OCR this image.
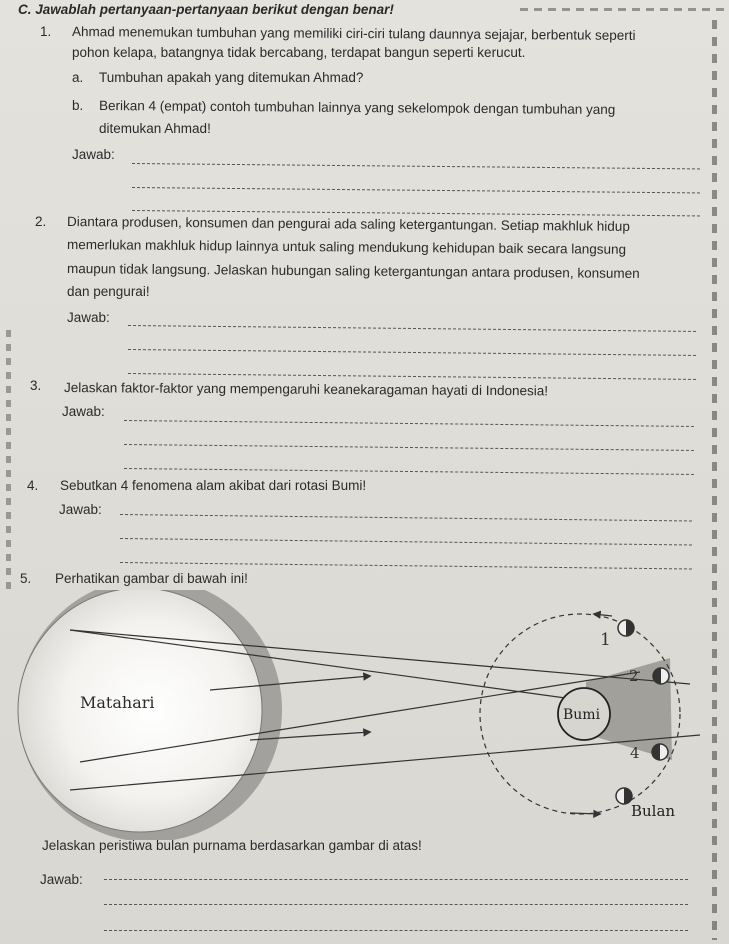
C. Jawablah pertanyaan-pertanyaan berikut dengan benar!
1. Ahmad menemukan tumbuhan yang memiliki ciri-ciri tulang daunnya sejajar, berbentuk seperti
pohon kelapa, batangnya tidak bercabang, terdapat bangun seperti kerucut.
a. Tumbuhan apakah yang ditemukan Ahmad?
b. Berikan 4 (empat) contoh tumbuhan lainnya yang sekelompok dengan tumbuhan yang
ditemukan Ahmad!
Jawab:
2. Diantara produsen, konsumen dan pengurai ada saling ketergantungan. Setiap makhluk hidup
memerlukan makhluk hidup lainnya untuk saling mendukung kehidupan baik secara langsung
maupun tidak langsung. Jelaskan hubungan saling ketergantungan antara produsen, konsumen
dan pengurai!
Jawab:
3. Jelaskan faktor-faktor yang mempengaruhi keanekaragaman hayati di Indonesia!
Jawab:
4. Sebutkan 4 fenomena alam akibat dari rotasi Bumi!
Jawab:
5. Perhatikan gambar di bawah ini!
Matahari
Bumi
1
2
4
Bulan
Jelaskan peristiwa bulan purnama berdasarkan gambar di atas!
Jawab:
